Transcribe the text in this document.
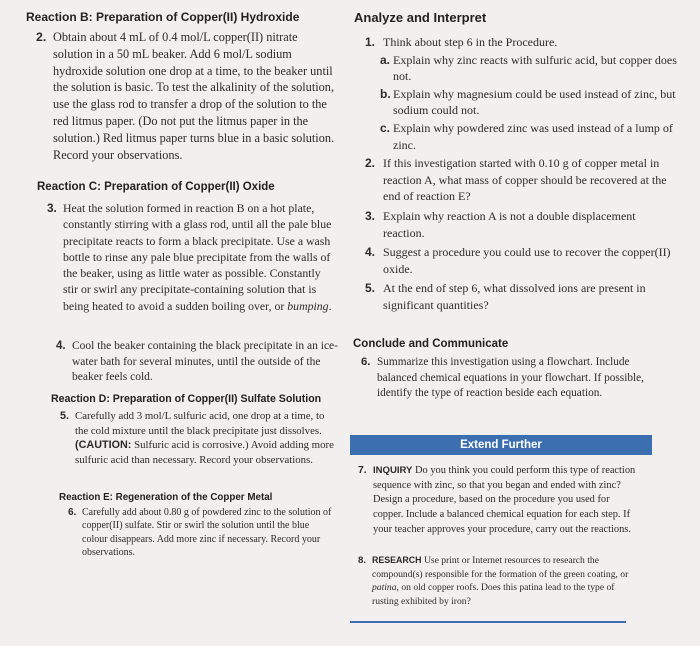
Reaction B: Preparation of Copper(II) Hydroxide
2. Obtain about 4 mL of 0.4 mol/L copper(II) nitrate solution in a 50 mL beaker. Add 6 mol/L sodium hydroxide solution one drop at a time, to the beaker until the solution is basic. To test the alkalinity of the solution, use the glass rod to transfer a drop of the solution to the red litmus paper. (Do not put the litmus paper in the solution.) Red litmus paper turns blue in a basic solution. Record your observations.
Reaction C: Preparation of Copper(II) Oxide
3. Heat the solution formed in reaction B on a hot plate, constantly stirring with a glass rod, until all the pale blue precipitate reacts to form a black precipitate. Use a wash bottle to rinse any pale blue precipitate from the walls of the beaker, using as little water as possible. Constantly stir or swirl any precipitate-containing solution that is being heated to avoid a sudden boiling over, or bumping.
4. Cool the beaker containing the black precipitate in an ice-water bath for several minutes, until the outside of the beaker feels cold.
Reaction D: Preparation of Copper(II) Sulfate Solution
5. Carefully add 3 mol/L sulfuric acid, one drop at a time, to the cold mixture until the black precipitate just dissolves. (CAUTION: Sulfuric acid is corrosive.) Avoid adding more sulfuric acid than necessary. Record your observations.
Reaction E: Regeneration of the Copper Metal
6. Carefully add about 0.80 g of powdered zinc to the solution of copper(II) sulfate. Stir or swirl the solution until the blue colour disappears. Add more zinc if necessary. Record your observations.
Analyze and Interpret
1. Think about step 6 in the Procedure.
a. Explain why zinc reacts with sulfuric acid, but copper does not.
b. Explain why magnesium could be used instead of zinc, but sodium could not.
c. Explain why powdered zinc was used instead of a lump of zinc.
2. If this investigation started with 0.10 g of copper metal in reaction A, what mass of copper should be recovered at the end of reaction E?
3. Explain why reaction A is not a double displacement reaction.
4. Suggest a procedure you could use to recover the copper(II) oxide.
5. At the end of step 6, what dissolved ions are present in significant quantities?
Conclude and Communicate
6. Summarize this investigation using a flowchart. Include balanced chemical equations in your flowchart. If possible, identify the type of reaction beside each equation.
Extend Further
7. INQUIRY Do you think you could perform this type of reaction sequence with zinc, so that you began and ended with zinc? Design a procedure, based on the procedure you used for copper. Include a balanced chemical equation for each step. If your teacher approves your procedure, carry out the reactions.
8. RESEARCH Use print or Internet resources to research the compound(s) responsible for the formation of the green coating, or patina, on old copper roofs. Does this patina lead to the type of rusting exhibited by iron?
